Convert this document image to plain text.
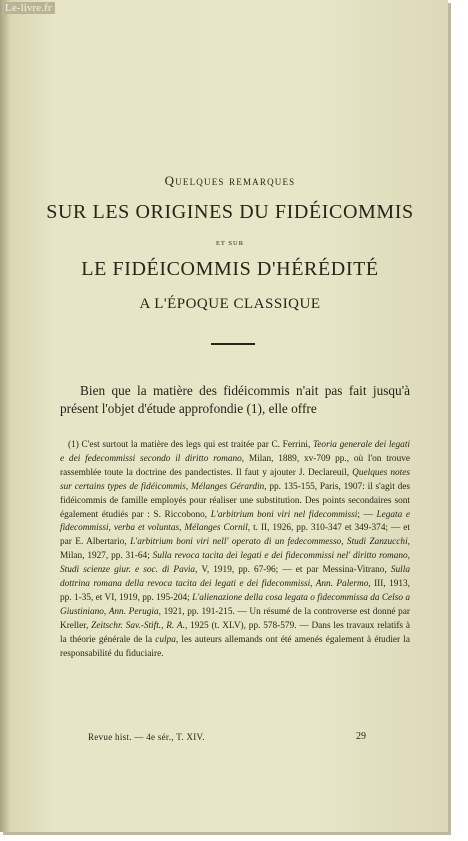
Le-livre.fr
Quelques remarques
SUR LES ORIGINES DU FIDÉICOMMIS
ET SUR
LE FIDÉICOMMIS D'HÉRÉDITÉ
A L'ÉPOQUE CLASSIQUE

Bien que la matière des fidéicommis n'ait pas fait jusqu'à présent l'objet d'étude approfondie (1), elle offre

(1) C'est surtout la matière des legs qui est traitée par C. Ferrini, Teoria generale dei legati e dei fedecommissi secondo il diritto romano, Milan, 1889, xv-709 pp., où l'on trouve rassemblée toute la doctrine des pandectistes. Il faut y ajouter J. Declareuil, Quelques notes sur certains types de fidéicommis, Mélanges Gérardin, pp. 135-155, Paris, 1907: il s'agit des fidéicommis de famille employés pour réaliser une substitution. Des points secondaires sont également étudiés par : S. Riccobono, L'arbitrium boni viri nel fidecommissi; — Legata e fidecommissi, verba et voluntas, Mélanges Cornil, t. II, 1926, pp. 310-347 et 349-374; — et par E. Albertario, L'arbitrium boni viri nell' operato di un fedecommesso, Studi Zanzucchi, Milan, 1927, pp. 31-64; Sulla revoca tacita dei legati e dei fidecommissi nel' diritto romano, Studi scienze giur. e soc. di Pavia, V, 1919, pp. 67-96; — et par Messina-Vitrano, Sulla dottrina romana della revoca tacita dei legati e dei fidecommissi, Ann. Palermo, III, 1913, pp. 1-35, et VI, 1919, pp. 195-204; L'alienazione della cosa legata o fidecommissa da Celso a Giustiniano, Ann. Perugia, 1921, pp. 191-215. — Un résumé de la controverse est donné par Kreller, Zeitschr. Sav.-Stift., R. A., 1925 (t. XLV), pp. 578-579. — Dans les travaux relatifs à la théorie générale de la culpa, les auteurs allemands ont été amenés également à étudier la responsabilité du fiduciaire.

Revue hist. — 4e sér., T. XIV.	29
